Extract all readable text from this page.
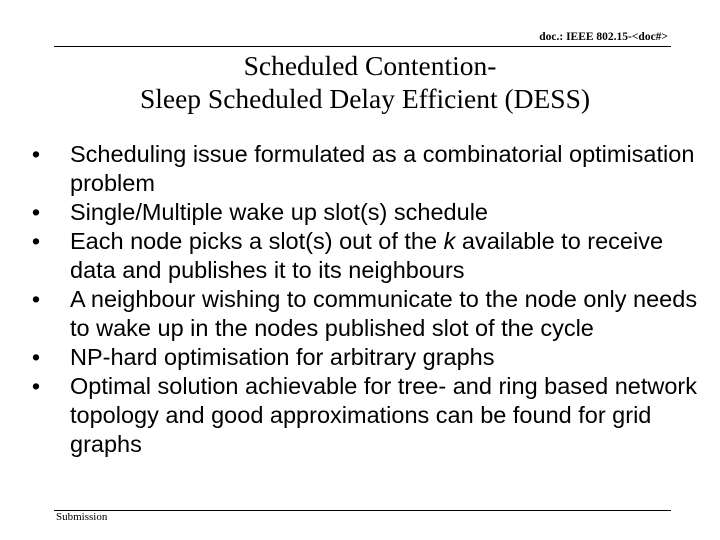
doc.: IEEE 802.15-<doc#>
Scheduled Contention-
Sleep Scheduled Delay Efficient (DESS)
• Scheduling issue formulated as a combinatorial optimisation problem
• Single/Multiple wake up slot(s) schedule
• Each node picks a slot(s) out of the k available to receive data and publishes it to its neighbours
• A neighbour wishing to communicate to the node only needs to wake up in the nodes published slot of the cycle
• NP-hard optimisation for arbitrary graphs
• Optimal solution achievable for tree- and ring based network topology and good approximations can be found for grid graphs
Submission
